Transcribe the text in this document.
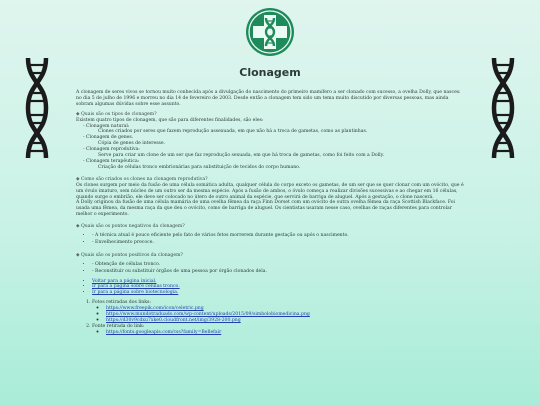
Clonagem

A clonagem de seres vivos se tornou muito conhecida após a divulgação do nascimento do primeiro mamífero a ser clonado com sucesso, a ovelha Dolly, que nasceu no dia 5 de julho de 1996 e morreu no dia 14 de fevereiro de 2003. Desde então a clonagem tem sido um tema muito discutido por diversas pessoas, mas ainda sobram algumas dúvidas sobre esse assunto.

◆ Quais são os tipos de clonagem?
Existem quatro tipos de clonagem, que são para diferentes finalidades, são eles:
- Clonagem natural:
Clones criados por seres que fazem reprodução assexuada, em que não há a troca de gametas, como as plantinhas.
- Clonagem de genes.
Cópia de genes de interesse.
- Clonagem reprodutiva:
Serve para criar um clone de um ser que faz reprodução sexuada, em que há troca de gametas, como foi feito com a Dolly.
- Clonagem terapêutica:
Criação de células tronco embrionárias para substituição de tecidos do corpo humano.
◆ Como são criados os clones na clonagem reprodutiva?
Os clones surgem por meio da fusão de uma célula somática adulta, qualquer célula do corpo exceto os gametas, de um ser que se quer clonar com um ovócito, que é um óvulo imaturo, sem núcleo de um outro ser da mesma espécie. Após a fusão de ambos, o óvulo começa a realizar divisões sucessivas e ao chegar em 16 células, quando surge o embrião, ele deve ser colocado no útero de outro animal da espécie, que servirá de barriga de aluguel. Após a gestação, o clone nascerá.
A Dolly originou da fusão de uma célula mamária de uma ovelha fêmea da raça Finn Dorset com um ovócito de outra ovelha fêmea da raça Scottish Blackface. Foi usada uma fêmea, da mesma raça da que deu o ovócito, como de barriga de aluguel. Os cientistas usaram nesse caso, ovelhas de raças diferentes para controlar melhor o experimento.
◆ Quais são os pontos negativos da clonagem?
• - A técnica atual é pouco eficiente pelo fato de vários fetos morrerem durante gestação ou após o nascimento.
• - Envelhecimento precoce.
◆ Quais são os pontos positivos da clonagem?
• - Obtenção de células tronco.
• - Reconstituir ou substituir órgãos de uma pessoa por órgão clonados dela.
• Voltar para a página inicial.
• Ir para a página sobre células tronco.
• Ir para a página sobre biotecnologia.
1. Fotos retiradas dos links:
◦ https://www.freepik.com/icon/celetric.png
◦ https://www.mundotraduado.com/wp-content/uploads/2015/09/simbolobiomedicina.png
◦ https://d30v9cdxu7xke0.cloudfront.net/img/3928-200.png
2. Fonte retirada do link:
◦ https://fonts.googleapis.com/css?family=Bellefair
